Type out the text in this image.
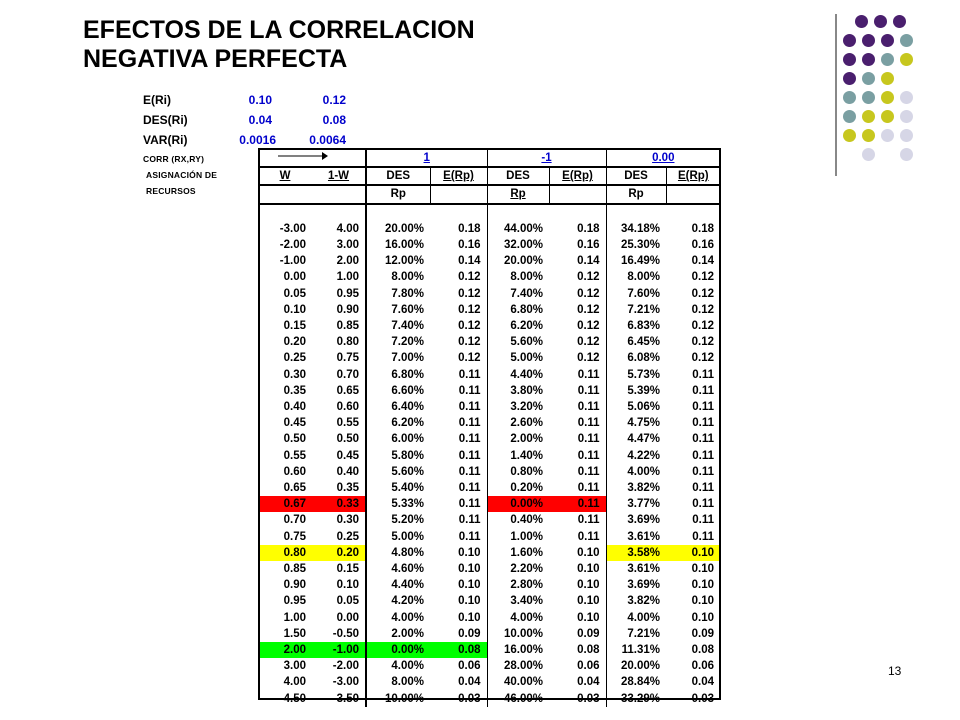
EFECTOS DE LA CORRELACION
NEGATIVA PERFECTA
E(Ri)	0.10	0.12
DES(Ri)	0.04	0.08
VAR(Ri)	0.0016	0.0064
CORR (RX,RY)
ASIGNACIÓN DE
RECURSOS
		1		-1		0.00	
W	1-W	DES	E(Rp)	DES	E(Rp)	DES	E(Rp)
		Rp		Rp		Rp	

-3.00	4.00	20.00%	0.18	44.00%	0.18	34.18%	0.18
-2.00	3.00	16.00%	0.16	32.00%	0.16	25.30%	0.16
-1.00	2.00	12.00%	0.14	20.00%	0.14	16.49%	0.14
0.00	1.00	8.00%	0.12	8.00%	0.12	8.00%	0.12
0.05	0.95	7.80%	0.12	7.40%	0.12	7.60%	0.12
0.10	0.90	7.60%	0.12	6.80%	0.12	7.21%	0.12
0.15	0.85	7.40%	0.12	6.20%	0.12	6.83%	0.12
0.20	0.80	7.20%	0.12	5.60%	0.12	6.45%	0.12
0.25	0.75	7.00%	0.12	5.00%	0.12	6.08%	0.12
0.30	0.70	6.80%	0.11	4.40%	0.11	5.73%	0.11
0.35	0.65	6.60%	0.11	3.80%	0.11	5.39%	0.11
0.40	0.60	6.40%	0.11	3.20%	0.11	5.06%	0.11
0.45	0.55	6.20%	0.11	2.60%	0.11	4.75%	0.11
0.50	0.50	6.00%	0.11	2.00%	0.11	4.47%	0.11
0.55	0.45	5.80%	0.11	1.40%	0.11	4.22%	0.11
0.60	0.40	5.60%	0.11	0.80%	0.11	4.00%	0.11
0.65	0.35	5.40%	0.11	0.20%	0.11	3.82%	0.11
0.67	0.33	5.33%	0.11	0.00%	0.11	3.77%	0.11
0.70	0.30	5.20%	0.11	0.40%	0.11	3.69%	0.11
0.75	0.25	5.00%	0.11	1.00%	0.11	3.61%	0.11
0.80	0.20	4.80%	0.10	1.60%	0.10	3.58%	0.10
0.85	0.15	4.60%	0.10	2.20%	0.10	3.61%	0.10
0.90	0.10	4.40%	0.10	2.80%	0.10	3.69%	0.10
0.95	0.05	4.20%	0.10	3.40%	0.10	3.82%	0.10
1.00	0.00	4.00%	0.10	4.00%	0.10	4.00%	0.10
1.50	-0.50	2.00%	0.09	10.00%	0.09	7.21%	0.09
2.00	-1.00	0.00%	0.08	16.00%	0.08	11.31%	0.08
3.00	-2.00	4.00%	0.06	28.00%	0.06	20.00%	0.06
4.00	-3.00	8.00%	0.04	40.00%	0.04	28.84%	0.04
4.50	-3.50	10.00%	0.03	46.00%	0.03	33.29%	0.03
13
